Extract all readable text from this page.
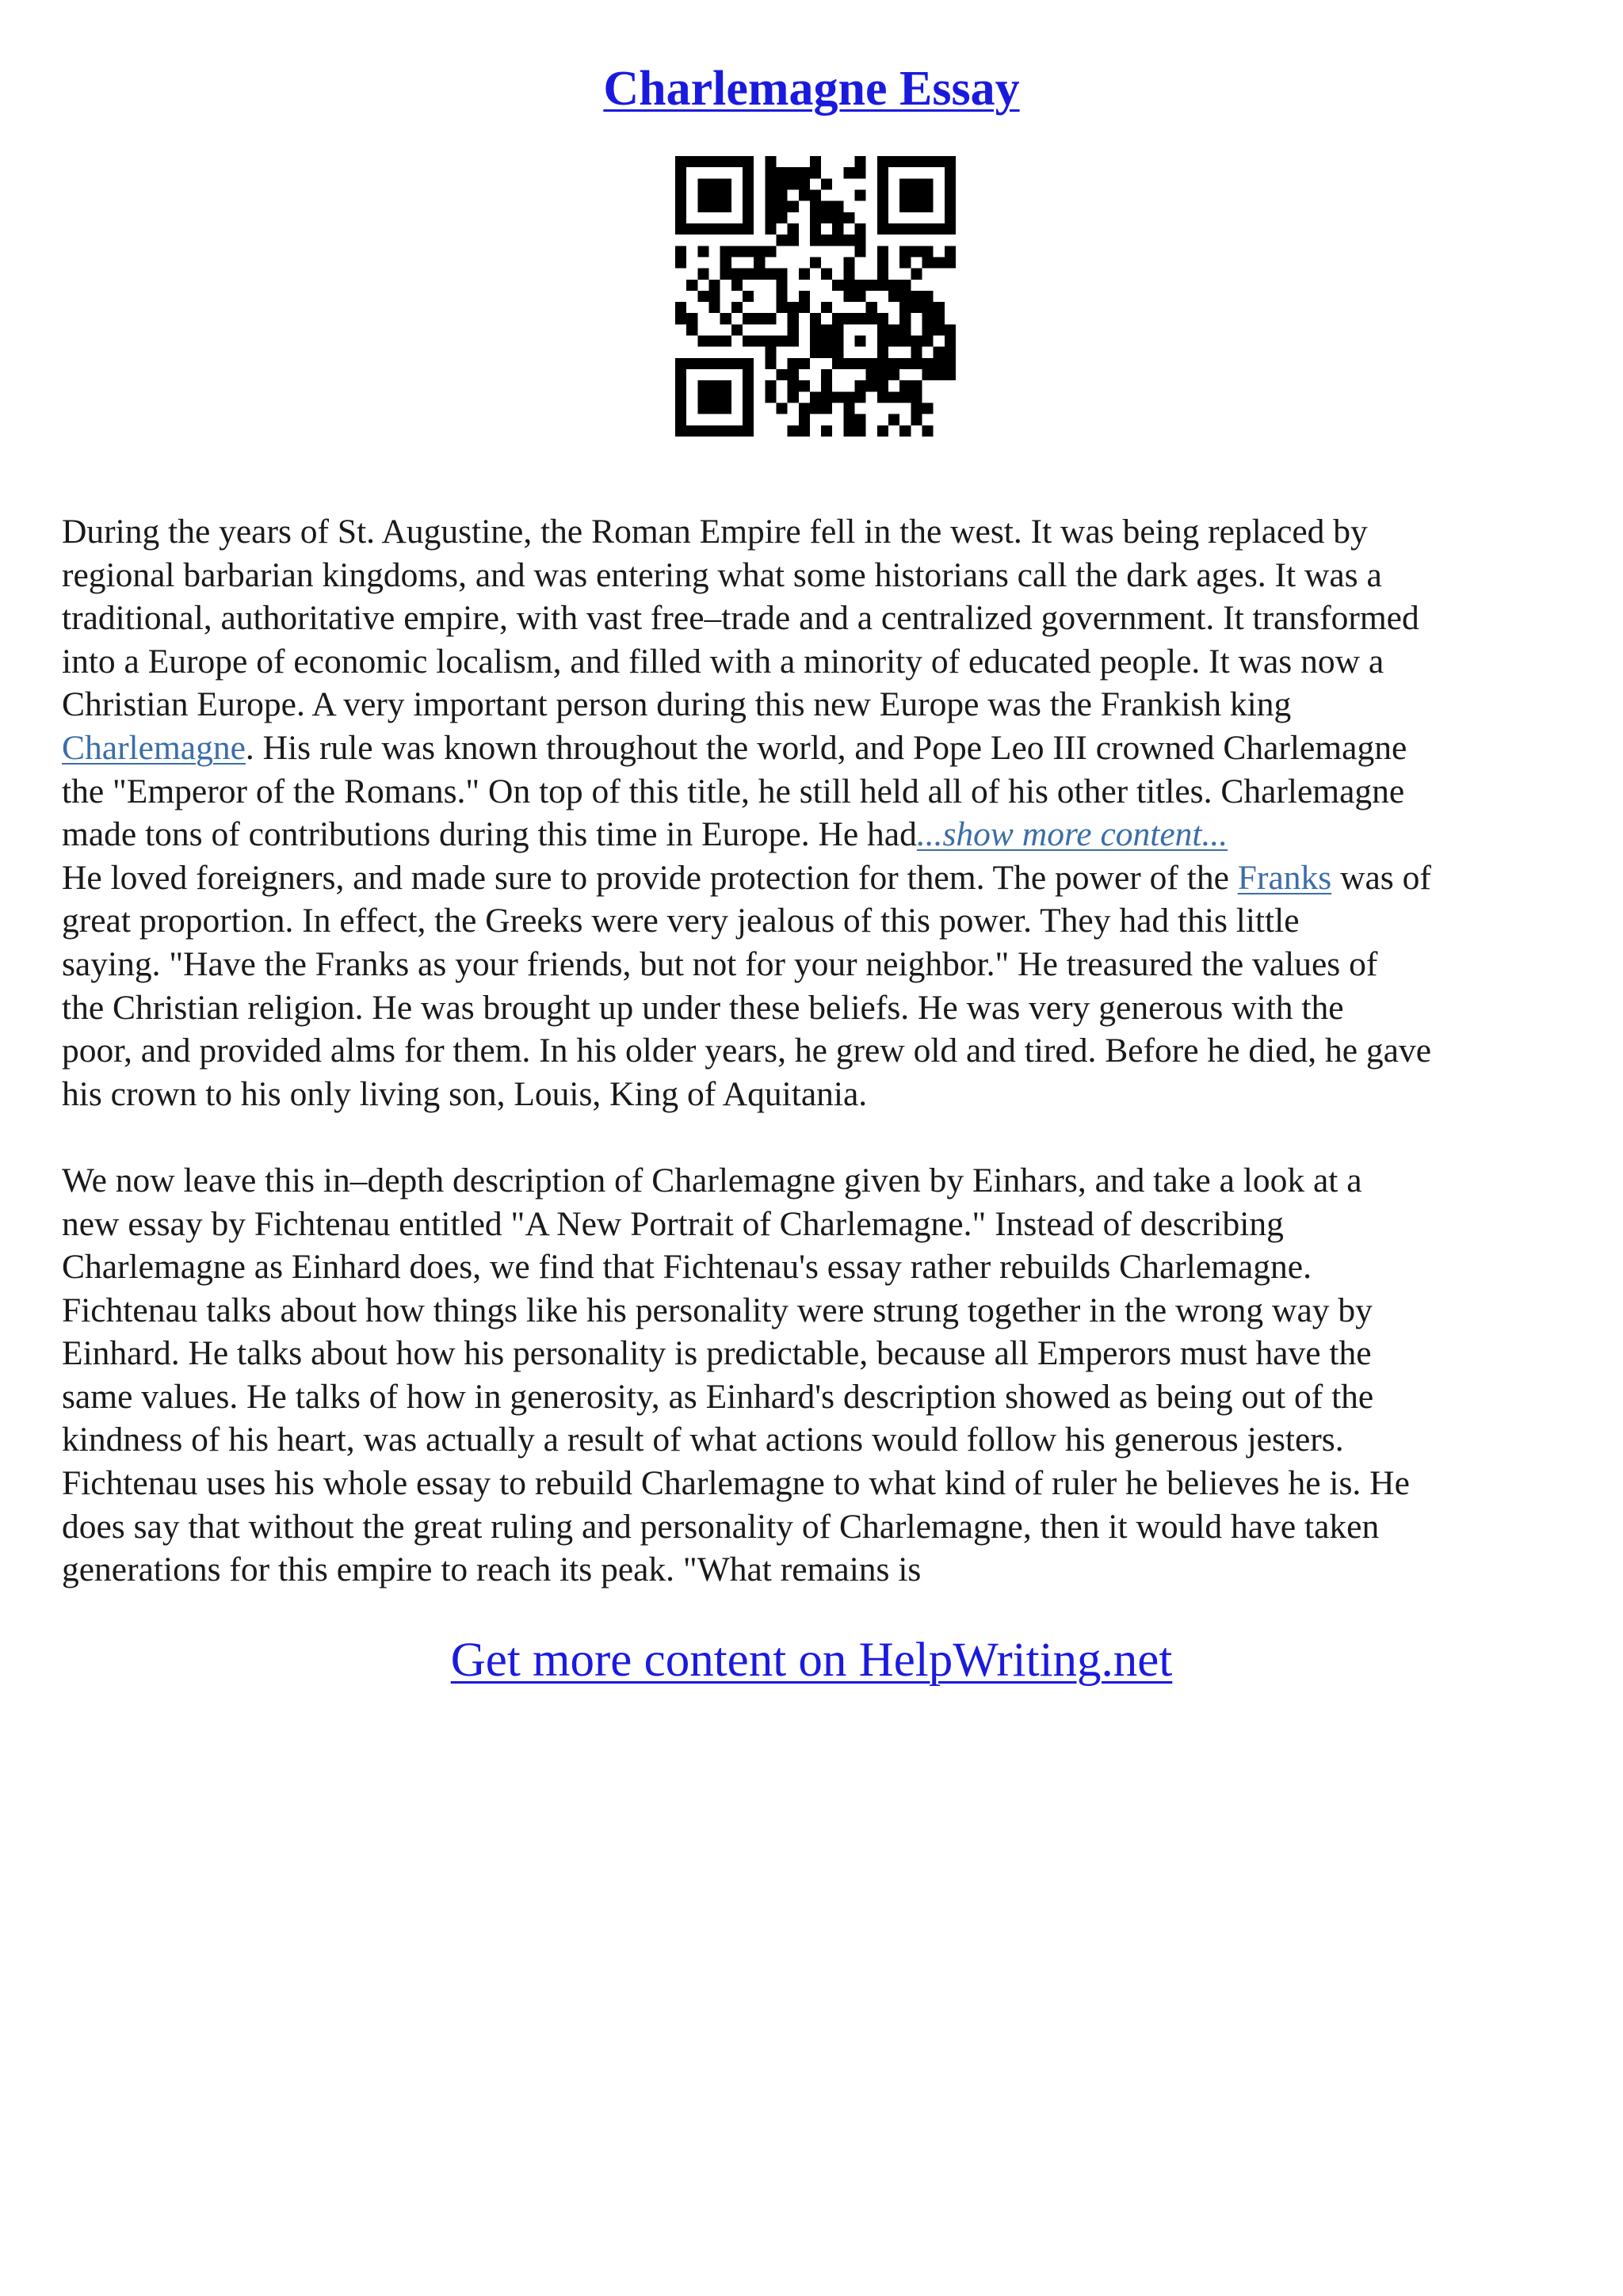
Charlemagne Essay
During the years of St. Augustine, the Roman Empire fell in the west. It was being replaced by
regional barbarian kingdoms, and was entering what some historians call the dark ages. It was a
traditional, authoritative empire, with vast free–trade and a centralized government. It transformed
into a Europe of economic localism, and filled with a minority of educated people. It was now a
Christian Europe. A very important person during this new Europe was the Frankish king
Charlemagne. His rule was known throughout the world, and Pope Leo III crowned Charlemagne
the "Emperor of the Romans." On top of this title, he still held all of his other titles. Charlemagne
made tons of contributions during this time in Europe. He had...show more content...
He loved foreigners, and made sure to provide protection for them. The power of the Franks was of
great proportion. In effect, the Greeks were very jealous of this power. They had this little
saying. "Have the Franks as your friends, but not for your neighbor." He treasured the values of
the Christian religion. He was brought up under these beliefs. He was very generous with the
poor, and provided alms for them. In his older years, he grew old and tired. Before he died, he gave
his crown to his only living son, Louis, King of Aquitania.
We now leave this in–depth description of Charlemagne given by Einhars, and take a look at a
new essay by Fichtenau entitled "A New Portrait of Charlemagne." Instead of describing
Charlemagne as Einhard does, we find that Fichtenau's essay rather rebuilds Charlemagne.
Fichtenau talks about how things like his personality were strung together in the wrong way by
Einhard. He talks about how his personality is predictable, because all Emperors must have the
same values. He talks of how in generosity, as Einhard's description showed as being out of the
kindness of his heart, was actually a result of what actions would follow his generous jesters.
Fichtenau uses his whole essay to rebuild Charlemagne to what kind of ruler he believes he is. He
does say that without the great ruling and personality of Charlemagne, then it would have taken
generations for this empire to reach its peak. "What remains is
Get more content on HelpWriting.net
